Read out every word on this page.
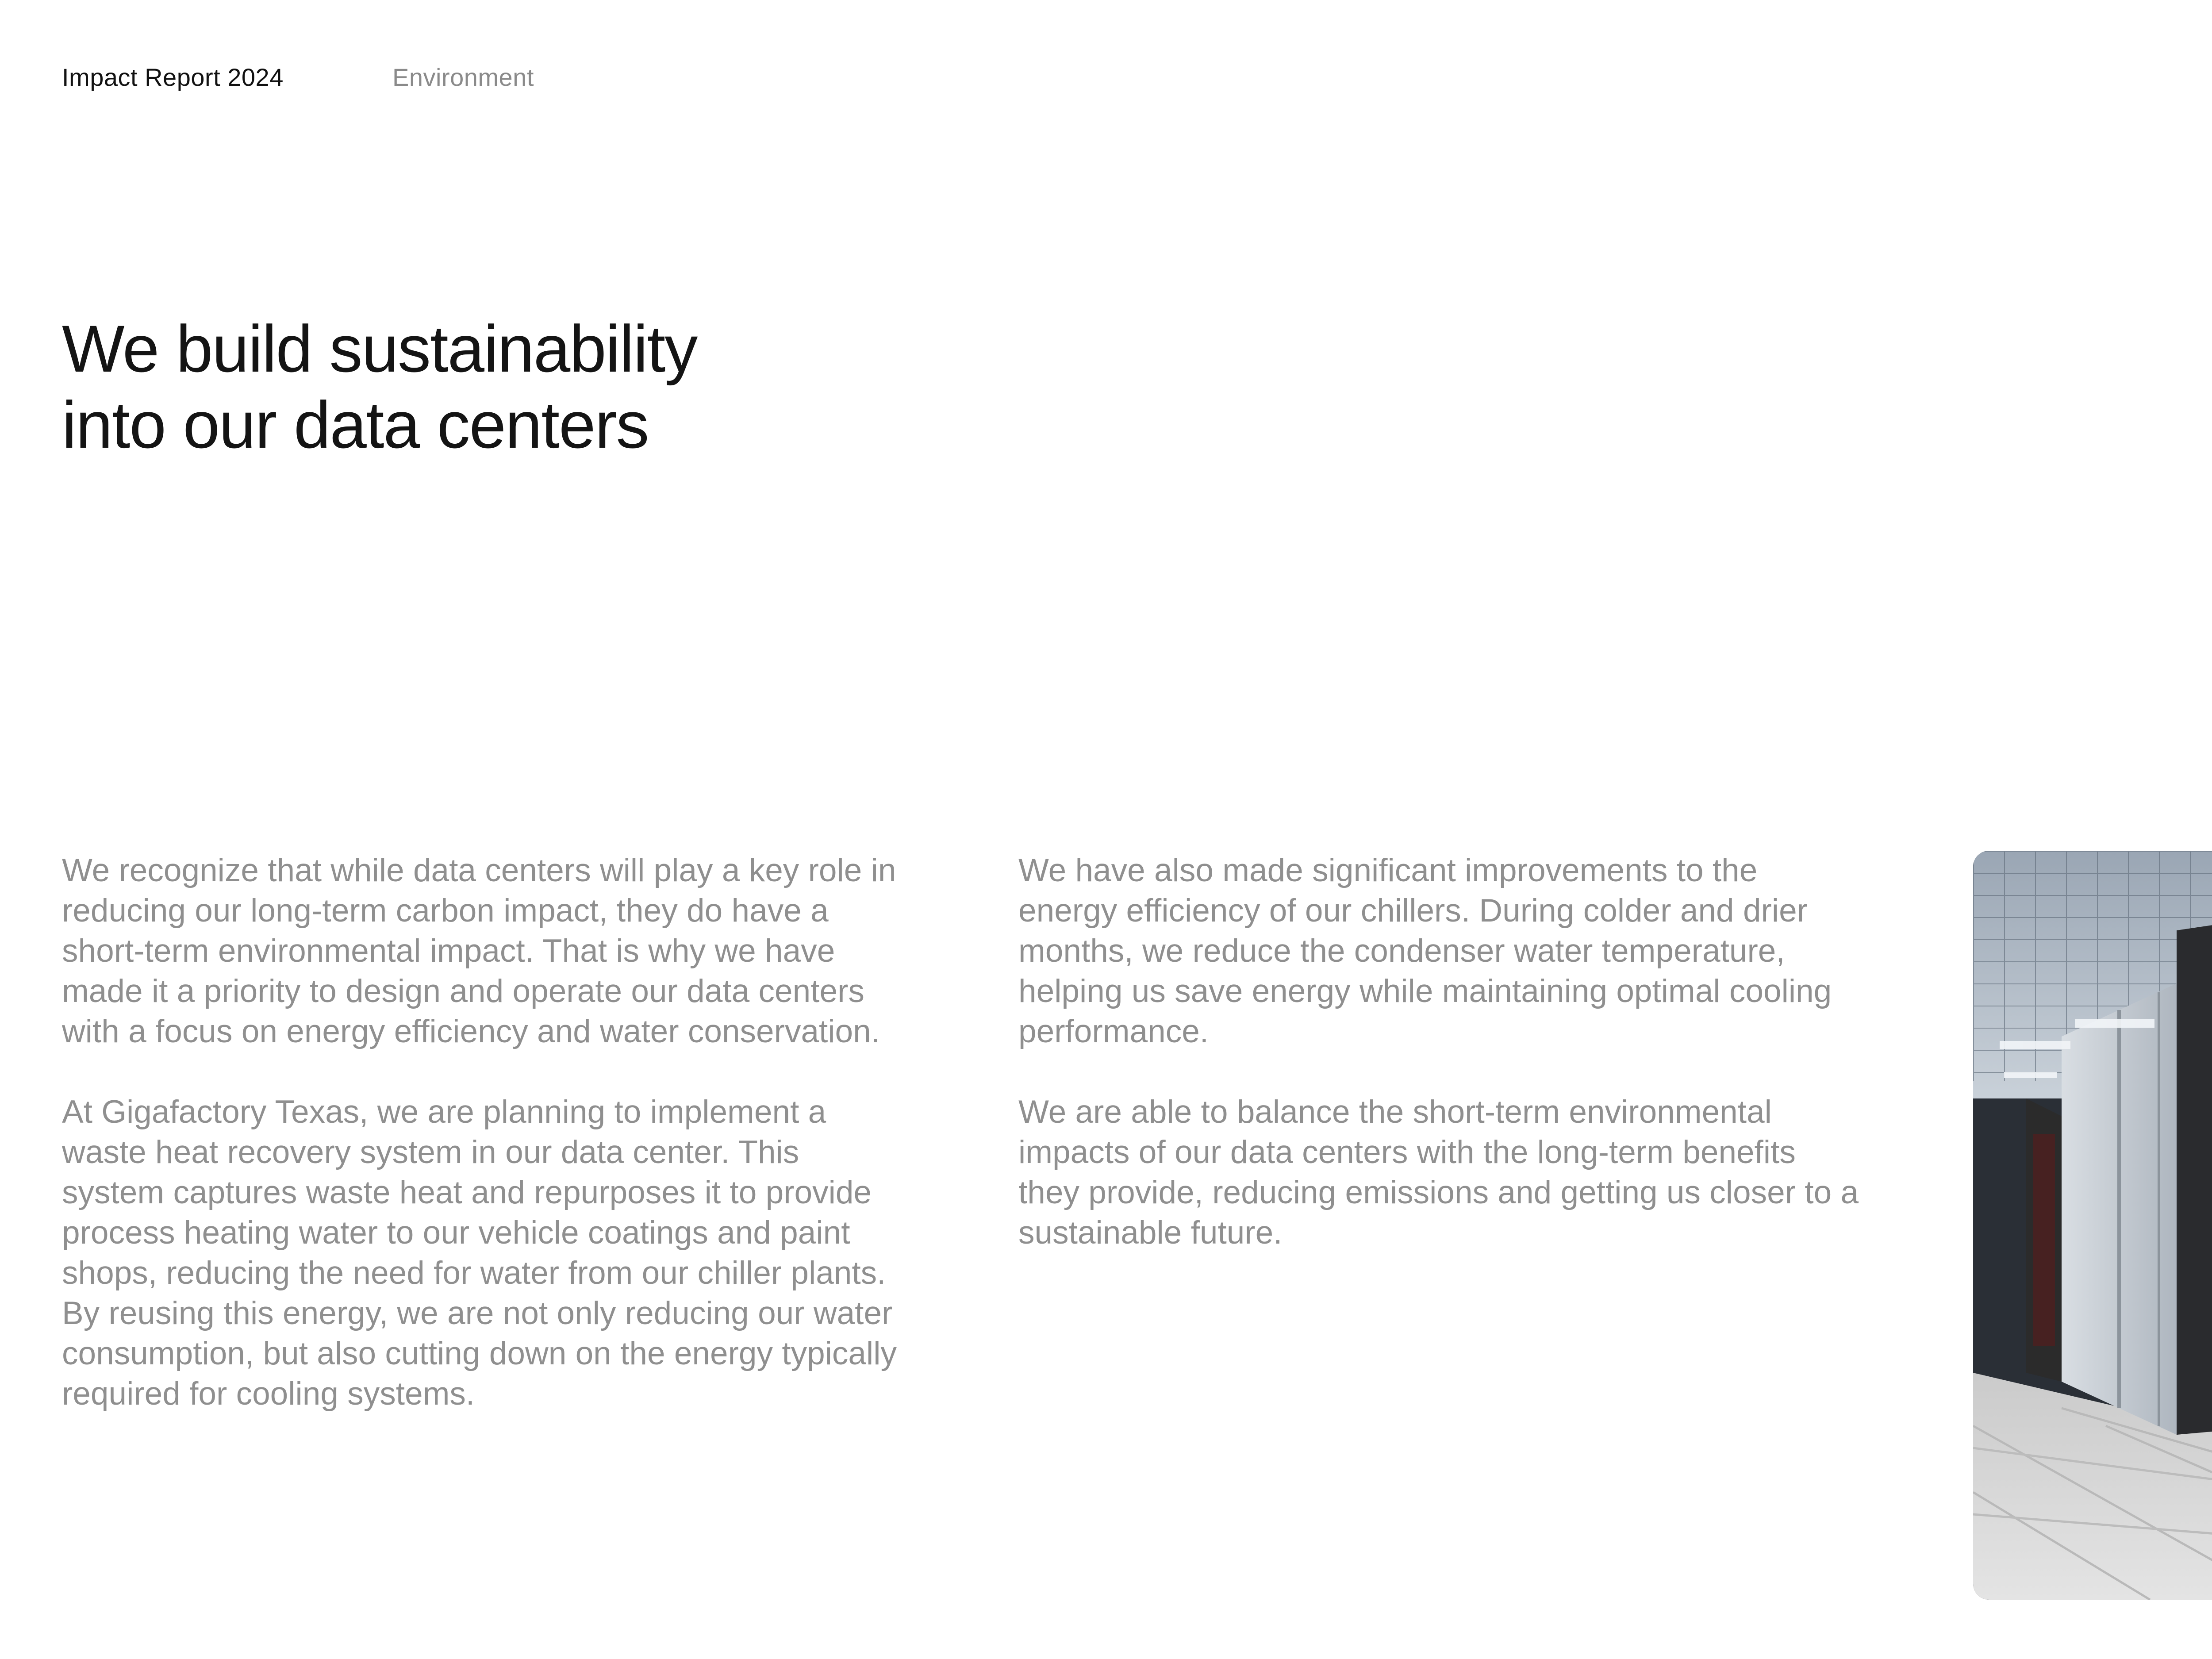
Impact Report 2024	Environment
We build sustainability
into our data centers

We recognize that while data centers will play a key role in reducing our long-term carbon impact, they do have a short-term environmental impact. That is why we have made it a priority to design and operate our data centers with a focus on energy efficiency and water conservation.

At Gigafactory Texas, we are planning to implement a waste heat recovery system in our data center. This system captures waste heat and repurposes it to provide process heating water to our vehicle coatings and paint shops, reducing the need for water from our chiller plants. By reusing this energy, we are not only reducing our water consumption, but also cutting down on the energy typically required for cooling systems.

We have also made significant improvements to the energy efficiency of our chillers. During colder and drier months, we reduce the condenser water temperature, helping us save energy while maintaining optimal cooling performance.

We are able to balance the short-term environmental impacts of our data centers with the long-term benefits they provide, reducing emissions and getting us closer to a sustainable future.
